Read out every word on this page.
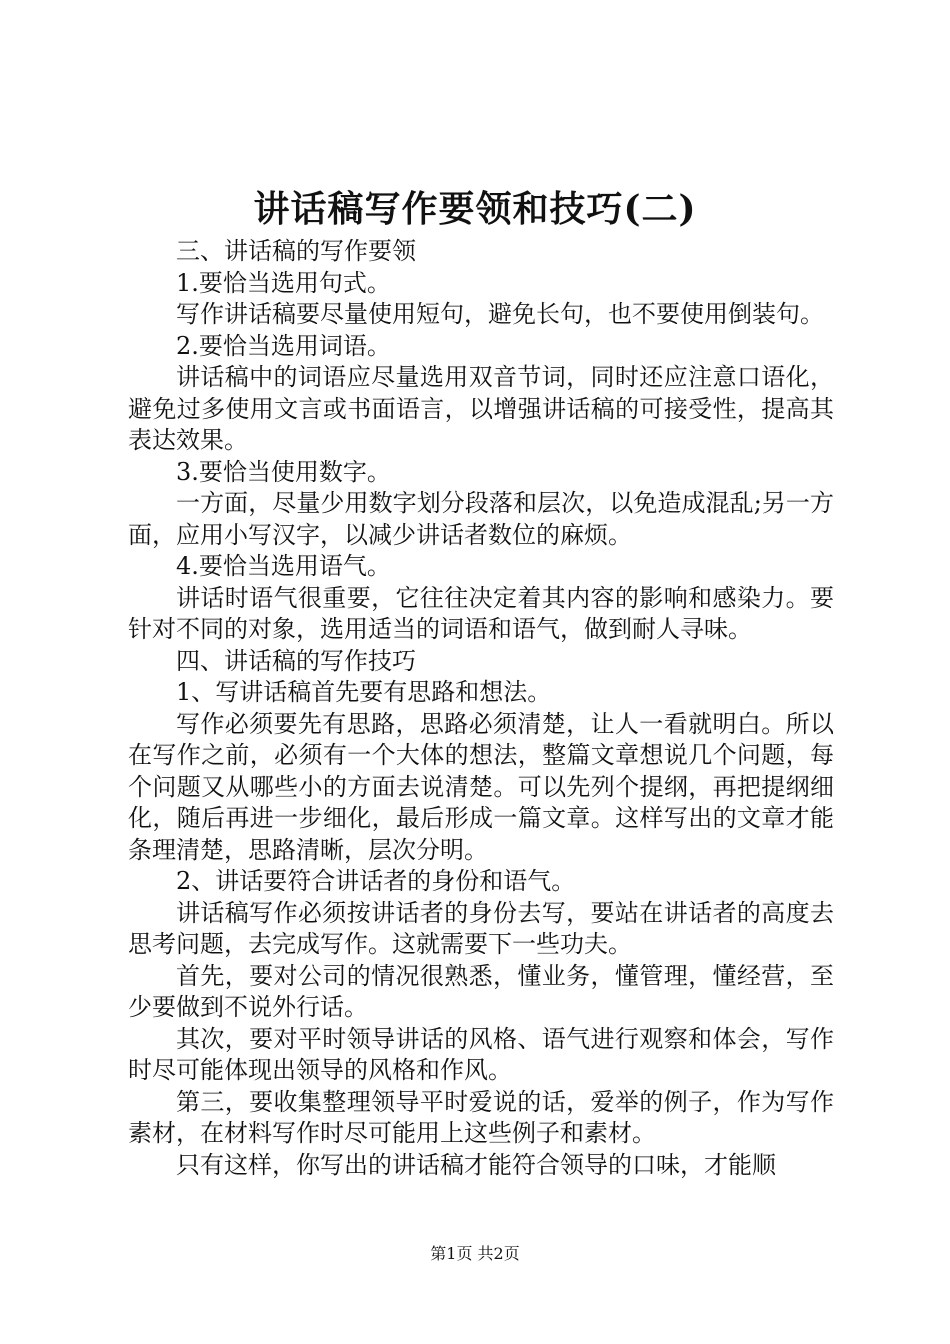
讲话稿写作要领和技巧(二)

三、讲话稿的写作要领

1.要恰当选用句式。

写作讲话稿要尽量使用短句，避免长句，也不要使用倒装句。

2.要恰当选用词语。

讲话稿中的词语应尽量选用双音节词，同时还应注意口语化，避免过多使用文言或书面语言，以增强讲话稿的可接受性，提高其表达效果。

3.要恰当使用数字。

一方面，尽量少用数字划分段落和层次，以免造成混乱;另一方面，应用小写汉字，以减少讲话者数位的麻烦。

4.要恰当选用语气。

讲话时语气很重要，它往往决定着其内容的影响和感染力。要针对不同的对象，选用适当的词语和语气，做到耐人寻味。

四、讲话稿的写作技巧

1、写讲话稿首先要有思路和想法。

写作必须要先有思路，思路必须清楚，让人一看就明白。所以在写作之前，必须有一个大体的想法，整篇文章想说几个问题，每个问题又从哪些小的方面去说清楚。可以先列个提纲，再把提纲细化，随后再进一步细化，最后形成一篇文章。这样写出的文章才能条理清楚，思路清晰，层次分明。

2、讲话要符合讲话者的身份和语气。

讲话稿写作必须按讲话者的身份去写，要站在讲话者的高度去思考问题，去完成写作。这就需要下一些功夫。

首先，要对公司的情况很熟悉，懂业务，懂管理，懂经营，至少要做到不说外行话。

其次，要对平时领导讲话的风格、语气进行观察和体会，写作时尽可能体现出领导的风格和作风。

第三，要收集整理领导平时爱说的话，爱举的例子，作为写作素材，在材料写作时尽可能用上这些例子和素材。

只有这样，你写出的讲话稿才能符合领导的口味，才能顺

第1页 共2页
